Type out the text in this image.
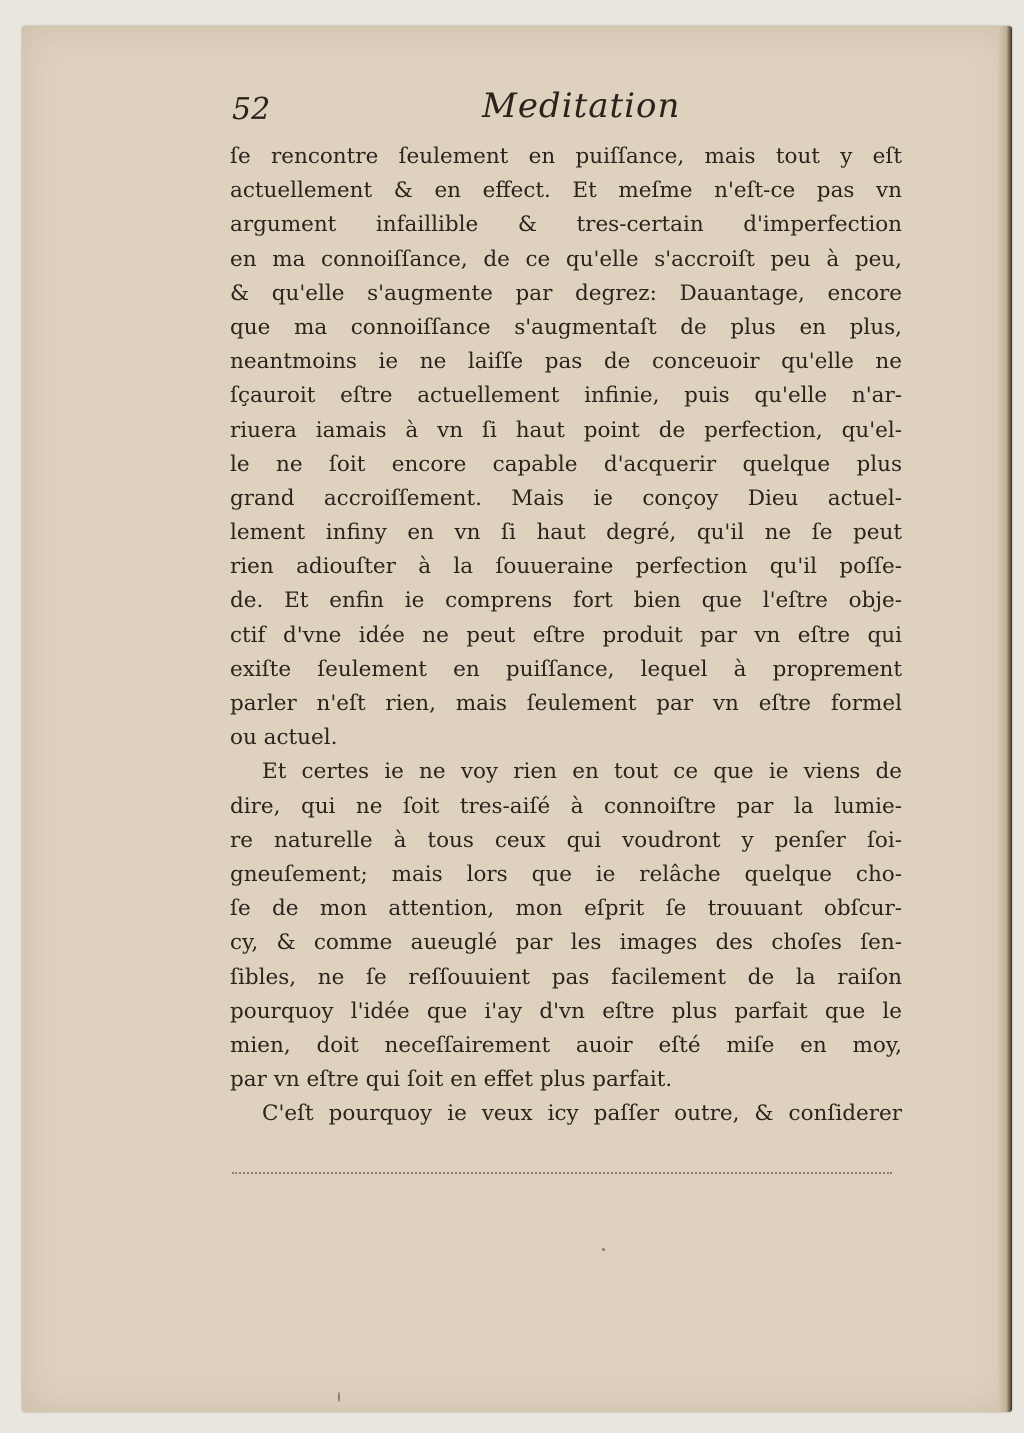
52	Meditation
ſe rencontre ſeulement en puiſſance, mais tout y eſt
actuellement & en effect. Et meſme n'eſt-ce pas vn
argument infaillible & tres-certain d'imperfection
en ma connoiſſance, de ce qu'elle s'accroiſt peu à peu,
& qu'elle s'augmente par degrez: Dauantage, encore
que ma connoiſſance s'augmentaſt de plus en plus,
neantmoins ie ne laiſſe pas de conceuoir qu'elle ne
ſçauroit eſtre actuellement infinie, puis qu'elle n'ar-
riuera iamais à vn ſi haut point de perfection, qu'el-
le ne ſoit encore capable d'acquerir quelque plus
grand accroiſſement. Mais ie conçoy Dieu actuel-
lement infiny en vn ſi haut degré, qu'il ne ſe peut
rien adiouſter à la ſouueraine perfection qu'il poſſe-
de. Et enfin ie comprens fort bien que l'eſtre obje-
ctif d'vne idée ne peut eſtre produit par vn eſtre qui
exiſte ſeulement en puiſſance, lequel à proprement
parler n'eſt rien, mais ſeulement par vn eſtre formel
ou actuel.
Et certes ie ne voy rien en tout ce que ie viens de
dire, qui ne ſoit tres-aiſé à connoiſtre par la lumie-
re naturelle à tous ceux qui voudront y penſer ſoi-
gneuſement; mais lors que ie relâche quelque cho-
ſe de mon attention, mon eſprit ſe trouuant obſcur-
cy, & comme aueuglé par les images des choſes ſen-
ſibles, ne ſe reſſouuient pas facilement de la raiſon
pourquoy l'idée que i'ay d'vn eſtre plus parfait que le
mien, doit neceſſairement auoir eſté miſe en moy,
par vn eſtre qui ſoit en effet plus parfait.
C'eſt pourquoy ie veux icy paſſer outre, & conſiderer
